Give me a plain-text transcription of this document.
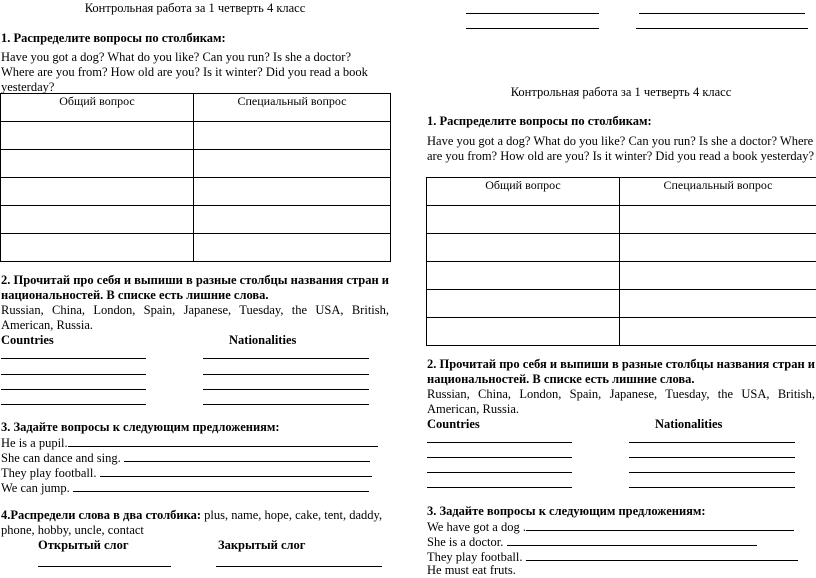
Контрольная работа за 1 четверть 4 класс
1. Распределите вопросы по столбикам:
Have you got a dog? What do you like? Can you run? Is she a doctor? Where are you from? How old are you? Is it winter? Did you read a book yesterday?
Общий вопрос	Специальный вопрос

2. Прочитай про себя и выпиши в разные столбцы названия стран и национальностей. В списке есть лишние слова.
Russian, China, London, Spain, Japanese, Tuesday, the USA, British, American, Russia.
Countries	Nationalities
3. Задайте вопросы к следующим предложениям:
He is a pupil.
She can dance and sing.
They play football.
We can jump.
4.Распредели слова в два столбика: plus, name, hope, cake, tent, daddy, phone, hobby, uncle, contact
Открытый слог	Закрытый слог
Контрольная работа за 1 четверть 4 класс
1. Распределите вопросы по столбикам:
Have you got a dog? What do you like? Can you run? Is she a doctor? Where are you from? How old are you? Is it winter? Did you read a book yesterday?
Общий вопрос	Специальный вопрос

2. Прочитай про себя и выпиши в разные столбцы названия стран и национальностей. В списке есть лишние слова.
Russian, China, London, Spain, Japanese, Tuesday, the USA, British, American, Russia.
Countries	Nationalities
3. Задайте вопросы к следующим предложениям:
We have got a dog .
She is a doctor.
They play football.
He must eat fruts.
